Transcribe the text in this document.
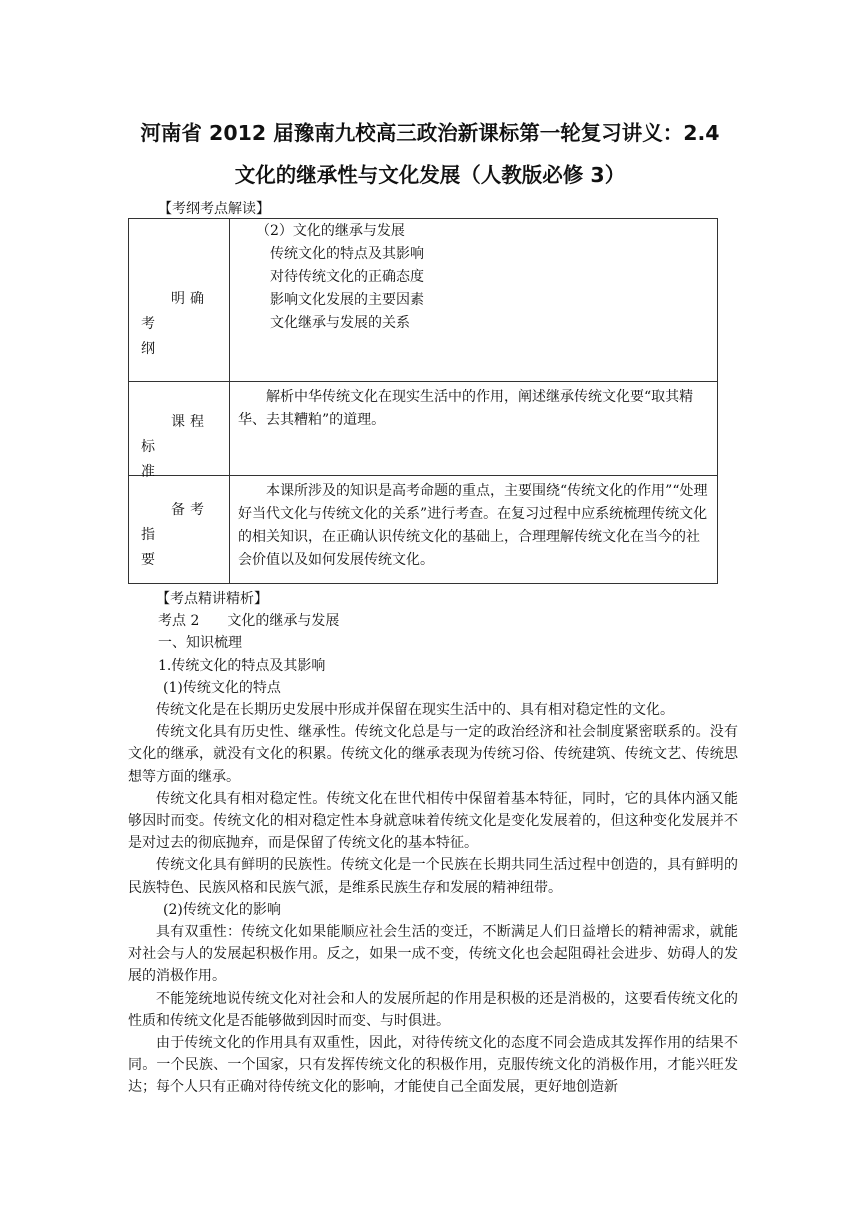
河南省 2012 届豫南九校高三政治新课标第一轮复习讲义：2.4
文化的继承性与文化发展（人教版必修 3）
【考纲考点解读】
明确考
纲	（2）文化的继承与发展
传统文化的特点及其影响
对待传统文化的正确态度
影响文化发展的主要因素
文化继承与发展的关系

课程标
准	解析中华传统文化在现实生活中的作用，阐述继承传统文化要“取其精华、去其糟粕”的道理。

备考指
要	本课所涉及的知识是高考命题的重点，主要围绕“传统文化的作用”“处理好当代文化与传统文化的关系”进行考查。在复习过程中应系统梳理传统文化的相关知识，在正确认识传统文化的基础上，合理理解传统文化在当今的社会价值以及如何发展传统文化。

【考点精讲精析】

考点 2　　文化的继承与发展

一、知识梳理

1.传统文化的特点及其影响

(1)传统文化的特点

传统文化是在长期历史发展中形成并保留在现实生活中的、具有相对稳定性的文化。

传统文化具有历史性、继承性。传统文化总是与一定的政治经济和社会制度紧密联系的。没有文化的继承，就没有文化的积累。传统文化的继承表现为传统习俗、传统建筑、传统文艺、传统思想等方面的继承。

传统文化具有相对稳定性。传统文化在世代相传中保留着基本特征，同时，它的具体内涵又能够因时而变。传统文化的相对稳定性本身就意味着传统文化是变化发展着的，但这种变化发展并不是对过去的彻底抛弃，而是保留了传统文化的基本特征。

传统文化具有鲜明的民族性。传统文化是一个民族在长期共同生活过程中创造的，具有鲜明的民族特色、民族风格和民族气派，是维系民族生存和发展的精神纽带。

(2)传统文化的影响

具有双重性：传统文化如果能顺应社会生活的变迁，不断满足人们日益增长的精神需求，就能对社会与人的发展起积极作用。反之，如果一成不变，传统文化也会起阻碍社会进步、妨碍人的发展的消极作用。

不能笼统地说传统文化对社会和人的发展所起的作用是积极的还是消极的，这要看传统文化的性质和传统文化是否能够做到因时而变、与时俱进。

由于传统文化的作用具有双重性，因此，对待传统文化的态度不同会造成其发挥作用的结果不同。一个民族、一个国家，只有发挥传统文化的积极作用，克服传统文化的消极作用，才能兴旺发达；每个人只有正确对待传统文化的影响，才能使自己全面发展，更好地创造新
